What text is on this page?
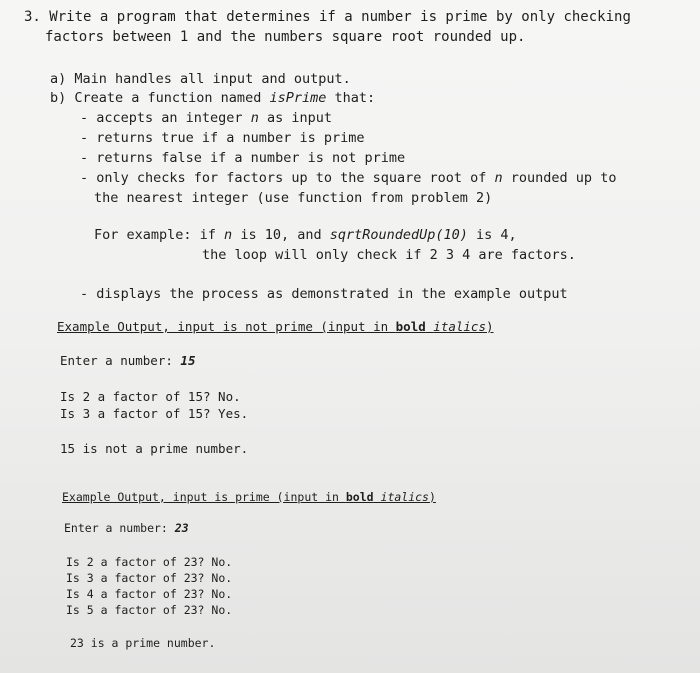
3. Write a program that determines if a number is prime by only checking
factors between 1 and the numbers square root rounded up.
a) Main handles all input and output.
b) Create a function named isPrime that:
- accepts an integer n as input
- returns true if a number is prime
- returns false if a number is not prime
- only checks for factors up to the square root of n rounded up to
the nearest integer (use function from problem 2)
For example: if n is 10, and sqrtRoundedUp(10) is 4,
the loop will only check if 2 3 4 are factors.
- displays the process as demonstrated in the example output
Example Output, input is not prime (input in bold italics)
Enter a number: 15
Is 2 a factor of 15? No.
Is 3 a factor of 15? Yes.
15 is not a prime number.
Example Output, input is prime (input in bold italics)
Enter a number: 23
Is 2 a factor of 23? No.
Is 3 a factor of 23? No.
Is 4 a factor of 23? No.
Is 5 a factor of 23? No.
23 is a prime number.
